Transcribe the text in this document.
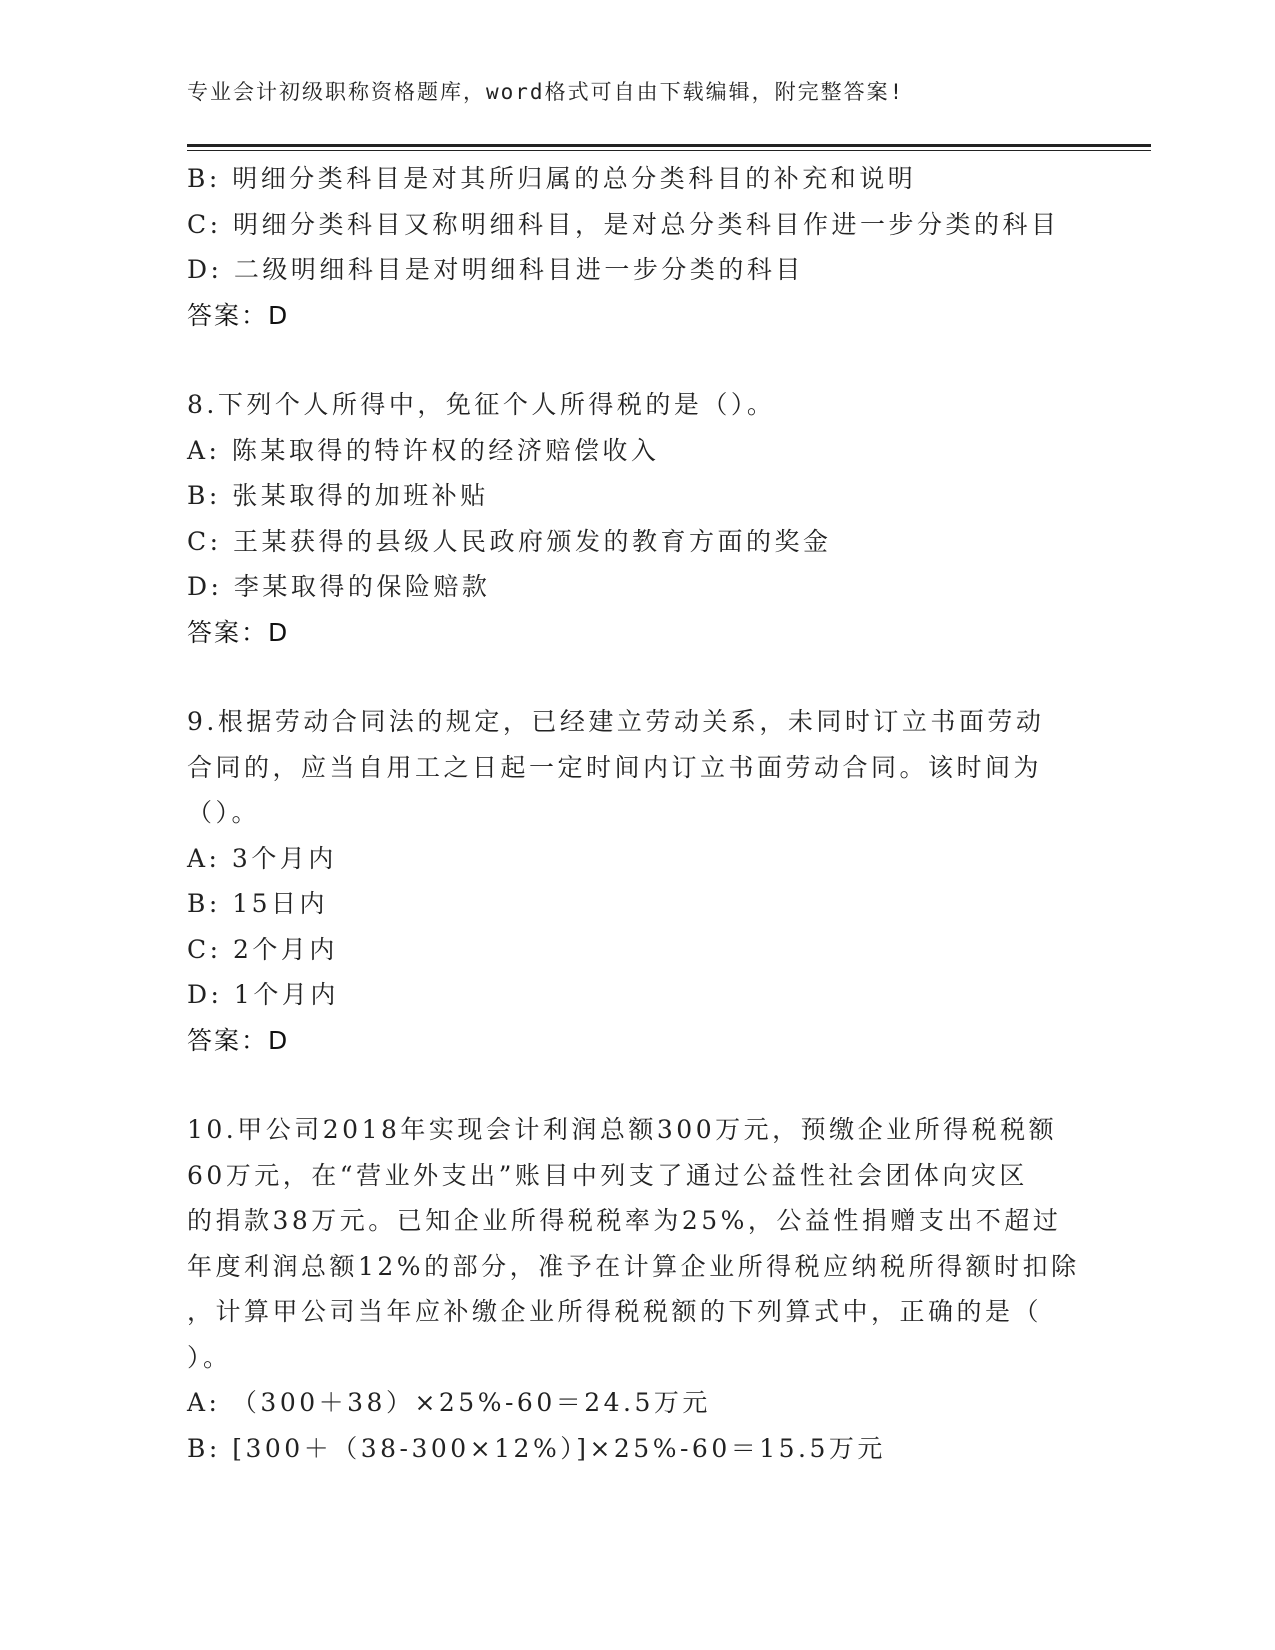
专业会计初级职称资格题库，word格式可自由下载编辑，附完整答案!
B: 明细分类科目是对其所归属的总分类科目的补充和说明
C: 明细分类科目又称明细科目，是对总分类科目作进一步分类的科目
D: 二级明细科目是对明细科目进一步分类的科目
答案：D
8.下列个人所得中，免征个人所得税的是（）。
A: 陈某取得的特许权的经济赔偿收入
B: 张某取得的加班补贴
C: 王某获得的县级人民政府颁发的教育方面的奖金
D: 李某取得的保险赔款
答案：D
9.根据劳动合同法的规定，已经建立劳动关系，未同时订立书面劳动
合同的，应当自用工之日起一定时间内订立书面劳动合同。该时间为
（）。
A: 3个月内
B: 15日内
C: 2个月内
D: 1个月内
答案：D
10.甲公司2018年实现会计利润总额300万元，预缴企业所得税税额
60万元，在“营业外支出”账目中列支了通过公益性社会团体向灾区
的捐款38万元。已知企业所得税税率为25%，公益性捐赠支出不超过
年度利润总额12%的部分，准予在计算企业所得税应纳税所得额时扣除
，计算甲公司当年应补缴企业所得税税额的下列算式中，正确的是（
）。
A: （300＋38）×25%-60＝24.5万元
B: [300＋（38-300×12%）]×25%-60＝15.5万元
